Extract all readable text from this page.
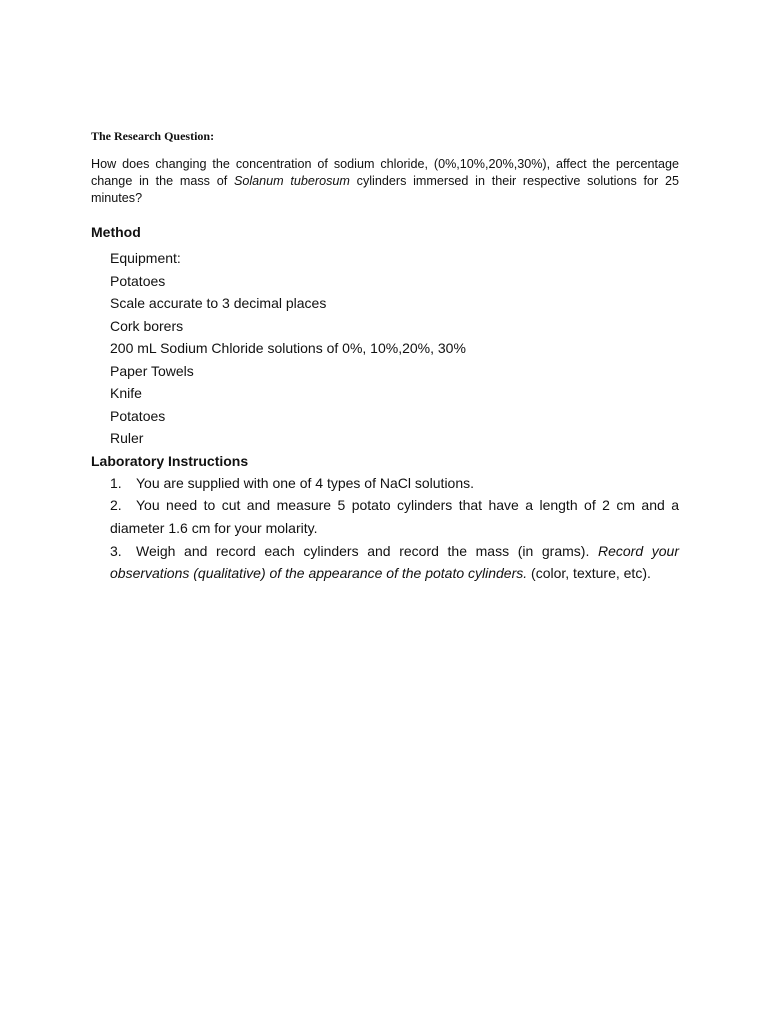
The Research Question:

How does changing the concentration of sodium chloride, (0%,10%,20%,30%), affect the percentage change in the mass of Solanum tuberosum cylinders immersed in their respective solutions for 25 minutes?

Method
Equipment:
Potatoes
Scale accurate to 3 decimal places
Cork borers
200 mL Sodium Chloride solutions of 0%, 10%,20%, 30%
Paper Towels
Knife
Potatoes
Ruler
Laboratory Instructions
1. You are supplied with one of 4 types of NaCl solutions.
2. You need to cut and measure 5 potato cylinders that have a length of 2 cm and a diameter 1.6 cm for your molarity.
3. Weigh and record each cylinders and record the mass (in grams). Record your observations (qualitative) of the appearance of the potato cylinders. (color, texture, etc).
